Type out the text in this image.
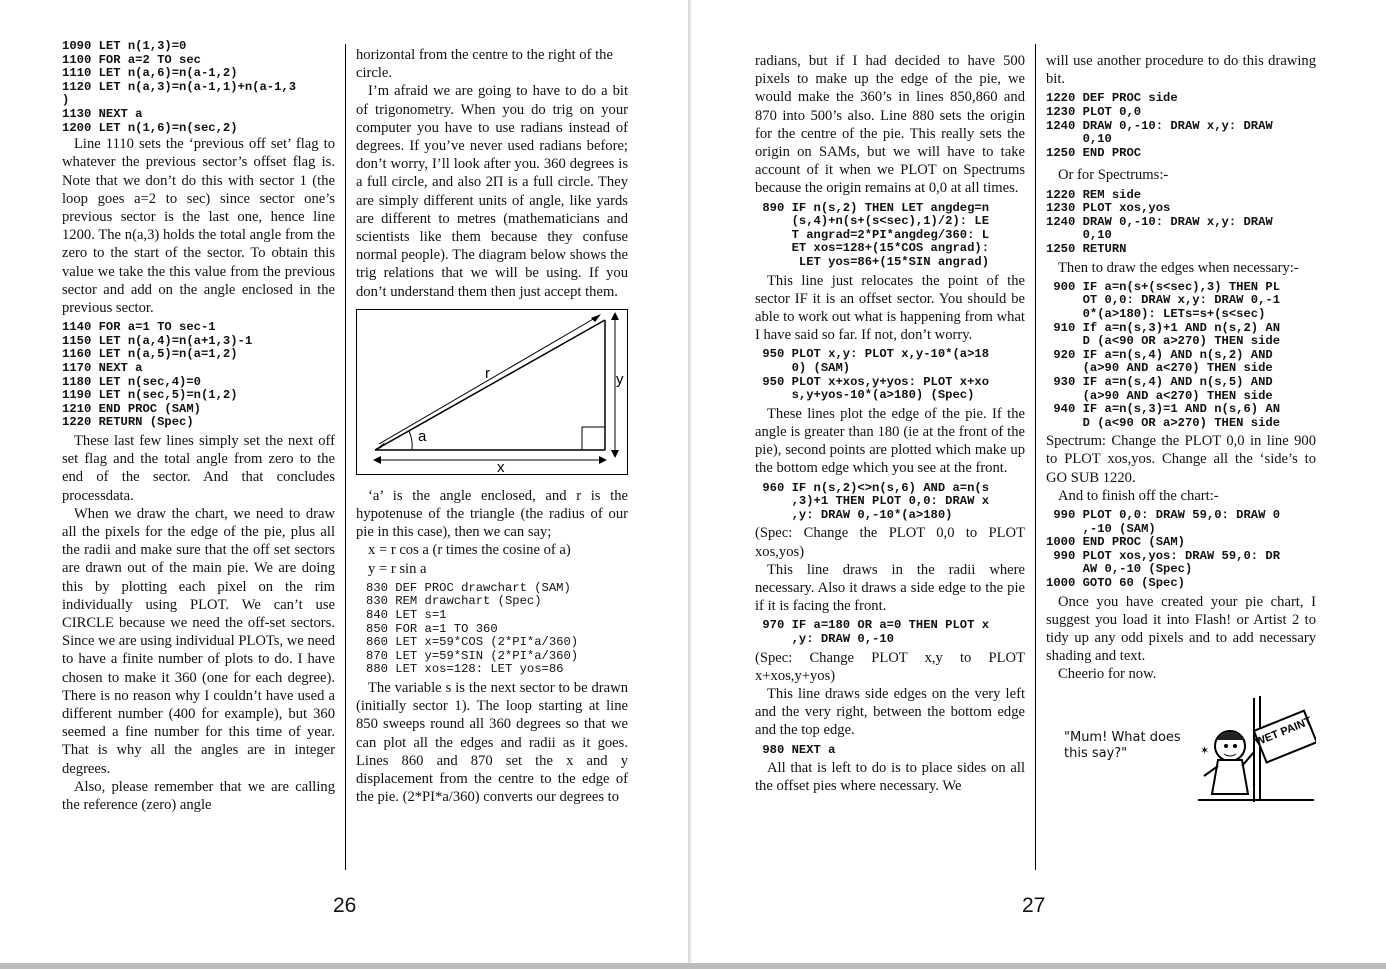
1090 LET n(1,3)=0
1100 FOR a=2 TO sec
1110 LET n(a,6)=n(a-1,2)
1120 LET n(a,3)=n(a-1,1)+n(a-1,3
)
1130 NEXT a
1200 LET n(1,6)=n(sec,2)

Line 1110 sets the ‘previous off set’ flag to whatever the previous sector’s offset flag is. Note that we don’t do this with sector 1 (the loop goes a=2 to sec) since sector one’s previous sector is the last one, hence line 1200. The n(a,3) holds the total angle from the zero to the start of the sector. To obtain this value we take the this value from the previous sector and add on the angle enclosed in the previous sector.

1140 FOR a=1 TO sec-1
1150 LET n(a,4)=n(a+1,3)-1
1160 LET n(a,5)=n(a=1,2)
1170 NEXT a
1180 LET n(sec,4)=0
1190 LET n(sec,5)=n(1,2)
1210 END PROC (SAM)
1220 RETURN (Spec)

These last few lines simply set the next off set flag and the total angle from zero to the end of the sector. And that concludes processdata.

When we draw the chart, we need to draw all the pixels for the edge of the pie, plus all the radii and make sure that the off set sectors are drawn out of the main pie. We are doing this by plotting each pixel on the rim individually using PLOT. We can’t use CIRCLE because we need the off-set sectors. Since we are using individual PLOTs, we need to have a finite number of plots to do. I have chosen to make it 360 (one for each degree). There is no reason why I couldn’t have used a different number (400 for example), but 360 seemed a fine number for this time of year. That is why all the angles are in integer degrees.

Also, please remember that we are calling the reference (zero) angle

horizontal from the centre to the right of the circle.

I’m afraid we are going to have to do a bit of trigonometry. When you do trig on your computer you have to use radians instead of degrees. If you’ve never used radians before; don’t worry, I’ll look after you. 360 degrees is a full circle, and also 2Π is a full circle. They are simply different units of angle, like yards are different to metres (mathematicians and scientists like them because they confuse normal people). The diagram below shows the trig relations that we will be using. If you don’t understand them then just accept them.

r	y
a
x

‘a’ is the angle enclosed, and r is the hypotenuse of the triangle (the radius of our pie in this case), then we can say;

x = r cos a (r times the cosine of a)

y = r sin a

830 DEF PROC drawchart (SAM)
830 REM drawchart (Spec)
840 LET s=1
850 FOR a=1 TO 360
860 LET x=59*COS (2*PI*a/360)
870 LET y=59*SIN (2*PI*a/360)
880 LET xos=128: LET yos=86

The variable s is the next sector to be drawn (initially sector 1). The loop starting at line 850 sweeps round all 360 degrees so that we can plot all the edges and radii as it goes. Lines 860 and 870 set the x and y displacement from the centre to the edge of the pie. (2*PI*a/360) converts our degrees to

26

radians, but if I had decided to have 500 pixels to make up the edge of the pie, we would make the 360’s in lines 850,860 and 870 into 500’s also. Line 880 sets the origin for the centre of the pie. This really sets the origin on SAMs, but we will have to take account of it when we PLOT on Spectrums because the origin remains at 0,0 at all times.

890 IF n(s,2) THEN LET angdeg=n
(s,4)+n(s+(s<sec),1)/2): LE
T angrad=2*PI*angdeg/360: L
ET xos=128+(15*COS angrad):
LET yos=86+(15*SIN angrad)

This line just relocates the point of the sector IF it is an offset sector. You should be able to work out what is happening from what I have said so far. If not, don’t worry.

950 PLOT x,y: PLOT x,y-10*(a>18
0) (SAM)
950 PLOT x+xos,y+yos: PLOT x+xo
s,y+yos-10*(a>180) (Spec)

These lines plot the edge of the pie. If the angle is greater than 180 (ie at the front of the pie), second points are plotted which make up the bottom edge which you see at the front.

960 IF n(s,2)<>n(s,6) AND a=n(s
,3)+1 THEN PLOT 0,0: DRAW x
,y: DRAW 0,-10*(a>180)

(Spec: Change the PLOT 0,0 to PLOT xos,yos)

This line draws in the radii where necessary. Also it draws a side edge to the pie if it is facing the front.

970 IF a=180 OR a=0 THEN PLOT x
,y: DRAW 0,-10

(Spec: Change PLOT x,y to PLOT x+xos,y+yos)

This line draws side edges on the very left and the very right, between the bottom edge and the top edge.

980 NEXT a

All that is left to do is to place sides on all the offset pies where necessary. We

will use another procedure to do this drawing bit.

1220 DEF PROC side
1230 PLOT 0,0
1240 DRAW 0,-10: DRAW x,y: DRAW
0,10
1250 END PROC

Or for Spectrums:-

1220 REM side
1230 PLOT xos,yos
1240 DRAW 0,-10: DRAW x,y: DRAW
0,10
1250 RETURN

Then to draw the edges when necessary:-

900 IF a=n(s+(s<sec),3) THEN PL
OT 0,0: DRAW x,y: DRAW 0,-1
0*(a>180): LETs=s+(s<sec)
910 If a=n(s,3)+1 AND n(s,2) AN
D (a<90 OR a>270) THEN side
920 IF a=n(s,4) AND n(s,2) AND
(a>90 AND a<270) THEN side
930 IF a=n(s,4) AND n(s,5) AND
(a>90 AND a<270) THEN side
940 IF a=n(s,3)=1 AND n(s,6) AN
D (a<90 OR a>270) THEN side

Spectrum: Change the PLOT 0,0 in line 900 to PLOT xos,yos. Change all the ‘side’s to GO SUB 1220.

And to finish off the chart:-

990 PLOT 0,0: DRAW 59,0: DRAW 0
,-10 (SAM)
1000 END PROC (SAM)
990 PLOT xos,yos: DRAW 59,0: DR
AW 0,-10 (Spec)
1000 GOTO 60 (Spec)

Once you have created your pie chart, I suggest you load it into Flash! or Artist 2 to tidy up any odd pixels and to add necessary shading and text.

Cheerio for now.

"Mum! What does this say?"
WET PAINT
✶
27
